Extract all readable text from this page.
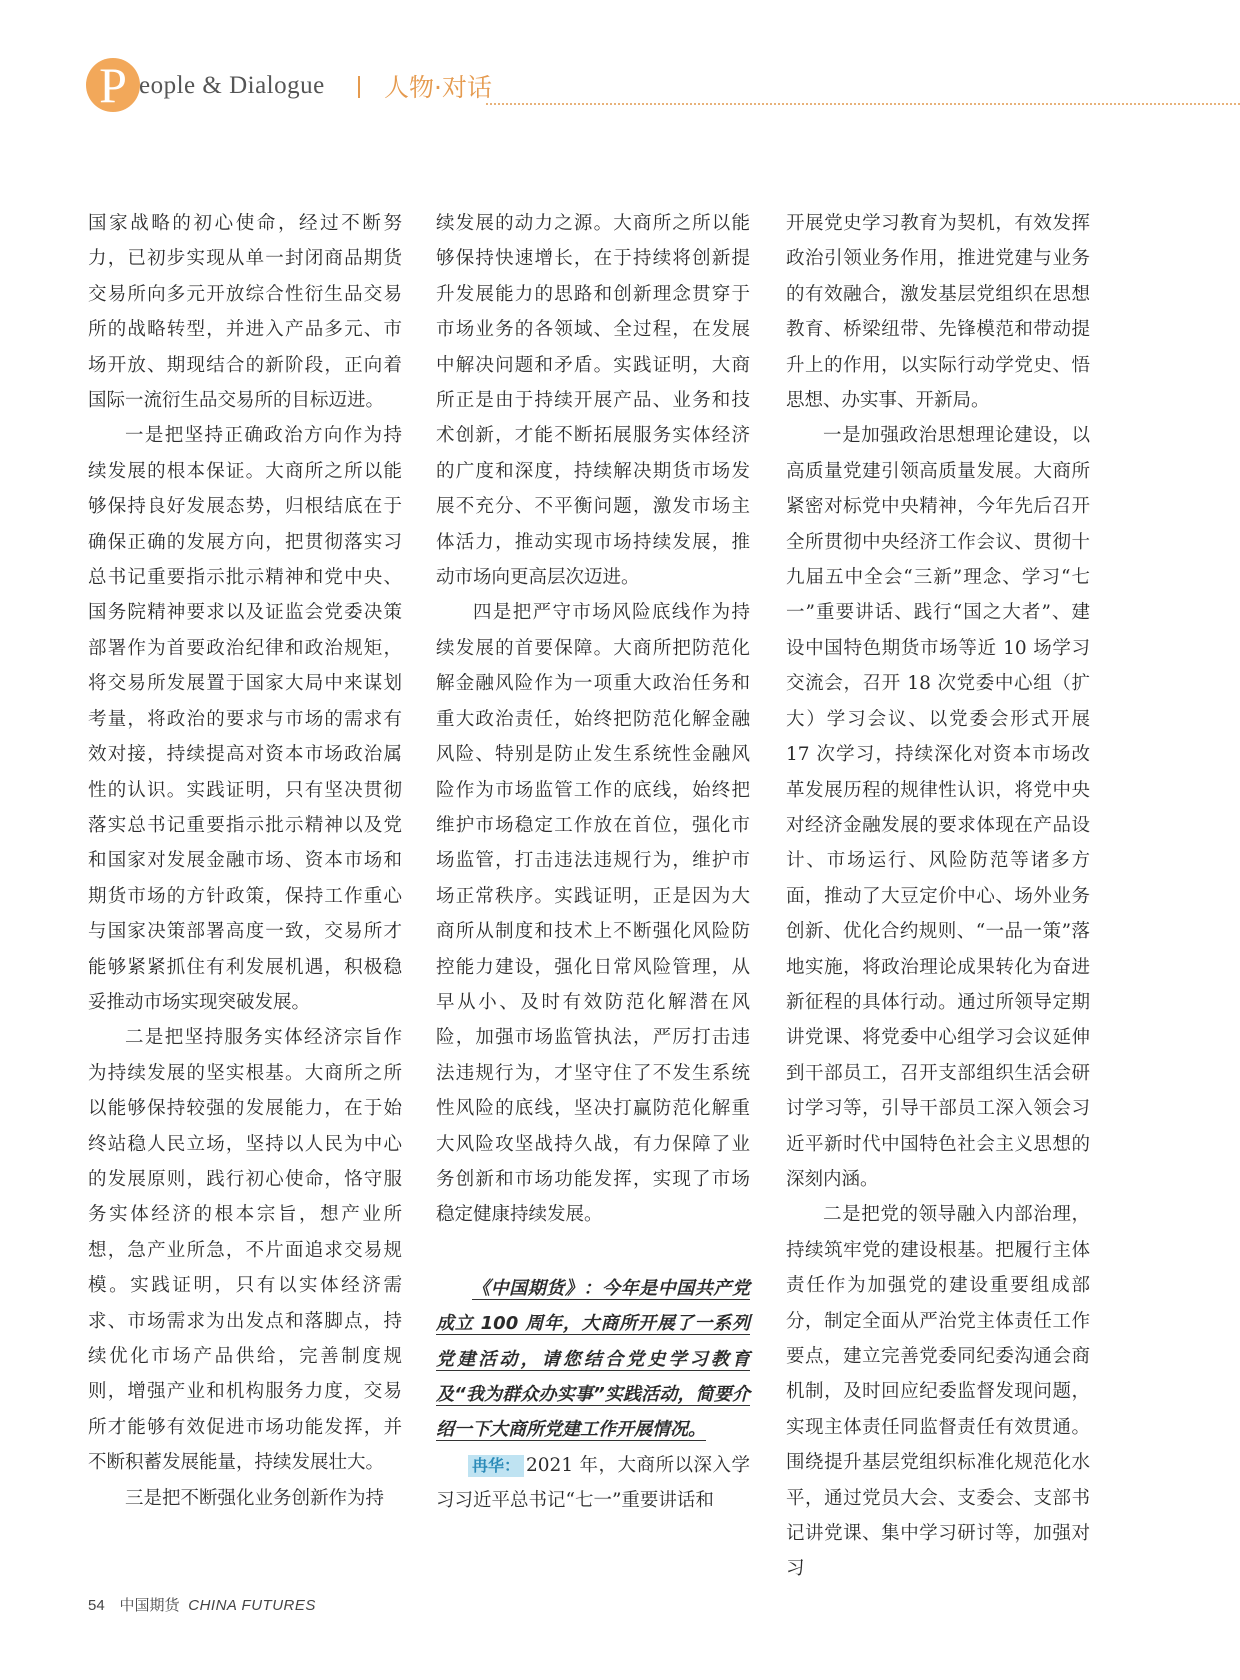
P eople & Dialogue 人物·对话

国家战略的初心使命，经过不断努力，已初步实现从单一封闭商品期货交易所向多元开放综合性衍生品交易所的战略转型，并进入产品多元、市场开放、期现结合的新阶段，正向着国际一流衍生品交易所的目标迈进。

一是把坚持正确政治方向作为持续发展的根本保证。大商所之所以能够保持良好发展态势，归根结底在于确保正确的发展方向，把贯彻落实习总书记重要指示批示精神和党中央、国务院精神要求以及证监会党委决策部署作为首要政治纪律和政治规矩，将交易所发展置于国家大局中来谋划考量，将政治的要求与市场的需求有效对接，持续提高对资本市场政治属性的认识。实践证明，只有坚决贯彻落实总书记重要指示批示精神以及党和国家对发展金融市场、资本市场和期货市场的方针政策，保持工作重心与国家决策部署高度一致，交易所才能够紧紧抓住有利发展机遇，积极稳妥推动市场实现突破发展。

二是把坚持服务实体经济宗旨作为持续发展的坚实根基。大商所之所以能够保持较强的发展能力，在于始终站稳人民立场，坚持以人民为中心的发展原则，践行初心使命，恪守服务实体经济的根本宗旨，想产业所想，急产业所急，不片面追求交易规模。实践证明，只有以实体经济需求、市场需求为出发点和落脚点，持续优化市场产品供给，完善制度规则，增强产业和机构服务力度，交易所才能够有效促进市场功能发挥，并不断积蓄发展能量，持续发展壮大。

三是把不断强化业务创新作为持

续发展的动力之源。大商所之所以能够保持快速增长，在于持续将创新提升发展能力的思路和创新理念贯穿于市场业务的各领域、全过程，在发展中解决问题和矛盾。实践证明，大商所正是由于持续开展产品、业务和技术创新，才能不断拓展服务实体经济的广度和深度，持续解决期货市场发展不充分、不平衡问题，激发市场主体活力，推动实现市场持续发展，推动市场向更高层次迈进。

四是把严守市场风险底线作为持续发展的首要保障。大商所把防范化解金融风险作为一项重大政治任务和重大政治责任，始终把防范化解金融风险、特别是防止发生系统性金融风险作为市场监管工作的底线，始终把维护市场稳定工作放在首位，强化市场监管，打击违法违规行为，维护市场正常秩序。实践证明，正是因为大商所从制度和技术上不断强化风险防控能力建设，强化日常风险管理，从早从小、及时有效防范化解潜在风险，加强市场监管执法，严厉打击违法违规行为，才坚守住了不发生系统性风险的底线，坚决打赢防范化解重大风险攻坚战持久战，有力保障了业务创新和市场功能发挥，实现了市场稳定健康持续发展。

《中国期货》：今年是中国共产党成立 100 周年，大商所开展了一系列党建活动，请您结合党史学习教育及“我为群众办实事”实践活动，简要介绍一下大商所党建工作开展情况。

冉华： 2021 年，大商所以深入学习习近平总书记“七一”重要讲话和

开展党史学习教育为契机，有效发挥政治引领业务作用，推进党建与业务的有效融合，激发基层党组织在思想教育、桥梁纽带、先锋模范和带动提升上的作用，以实际行动学党史、悟思想、办实事、开新局。

一是加强政治思想理论建设，以高质量党建引领高质量发展。大商所紧密对标党中央精神，今年先后召开全所贯彻中央经济工作会议、贯彻十九届五中全会“三新”理念、学习“七一”重要讲话、践行“国之大者”、建设中国特色期货市场等近 10 场学习交流会，召开 18 次党委中心组（扩大）学习会议、以党委会形式开展 17 次学习，持续深化对资本市场改革发展历程的规律性认识，将党中央对经济金融发展的要求体现在产品设计、市场运行、风险防范等诸多方面，推动了大豆定价中心、场外业务创新、优化合约规则、“一品一策”落地实施，将政治理论成果转化为奋进新征程的具体行动。通过所领导定期讲党课、将党委中心组学习会议延伸到干部员工，召开支部组织生活会研讨学习等，引导干部员工深入领会习近平新时代中国特色社会主义思想的深刻内涵。

二是把党的领导融入内部治理，持续筑牢党的建设根基。把履行主体责任作为加强党的建设重要组成部分，制定全面从严治党主体责任工作要点，建立完善党委同纪委沟通会商机制，及时回应纪委监督发现问题，实现主体责任同监督责任有效贯通。围绕提升基层党组织标准化规范化水平，通过党员大会、支委会、支部书记讲党课、集中学习研讨等，加强对习

54 中国期货 CHINA FUTURES
